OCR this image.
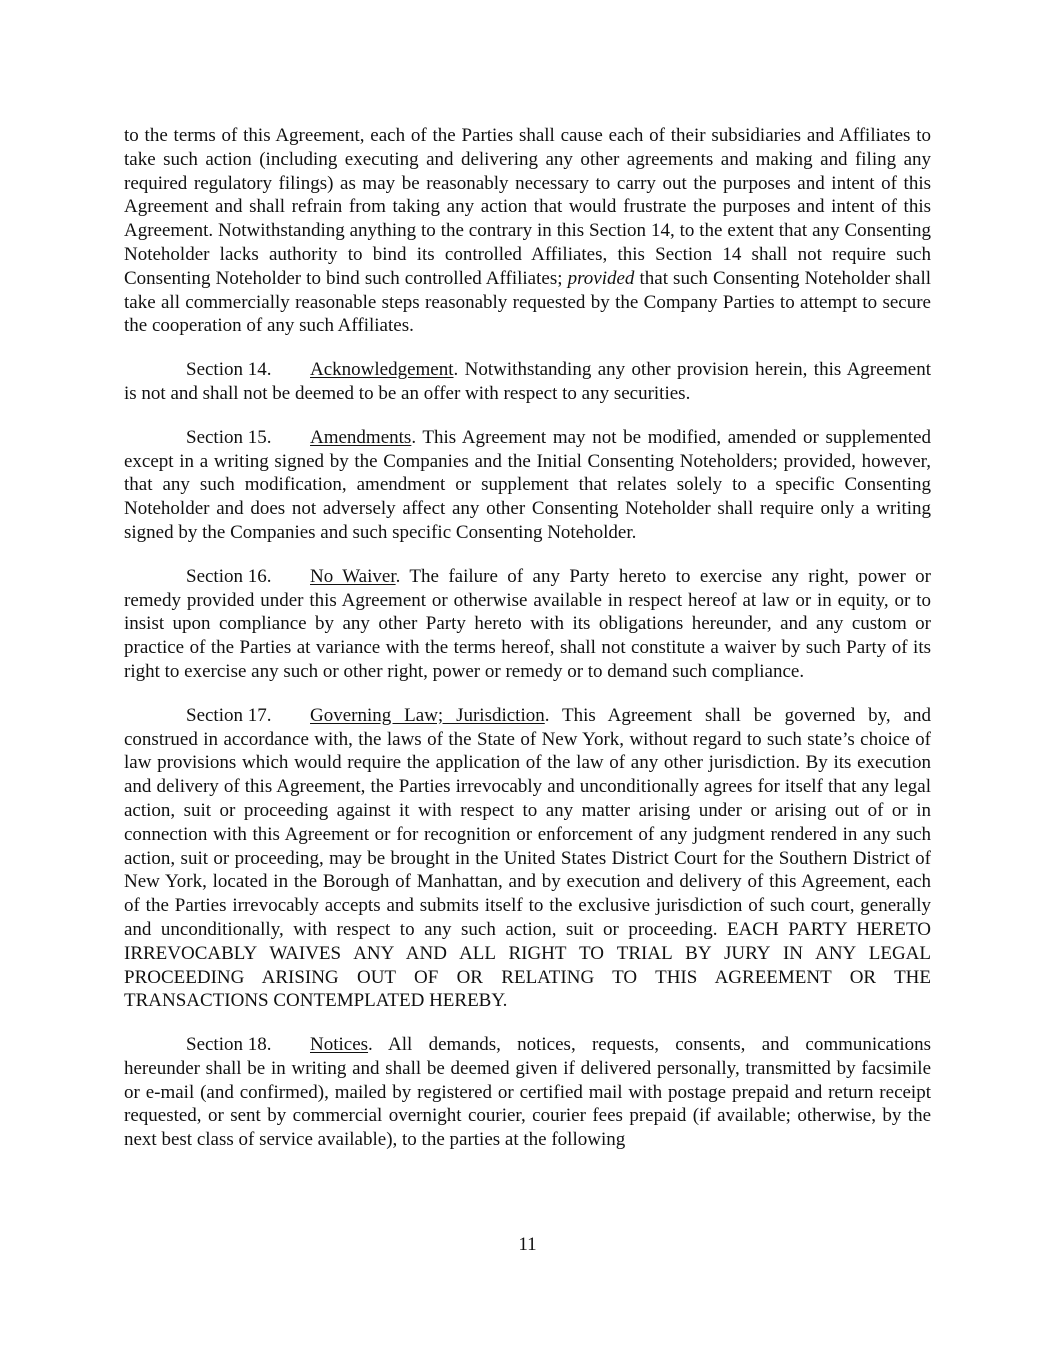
to the terms of this Agreement, each of the Parties shall cause each of their subsidiaries and Affiliates to take such action (including executing and delivering any other agreements and making and filing any required regulatory filings) as may be reasonably necessary to carry out the purposes and intent of this Agreement and shall refrain from taking any action that would frustrate the purposes and intent of this Agreement. Notwithstanding anything to the contrary in this Section 14, to the extent that any Consenting Noteholder lacks authority to bind its controlled Affiliates, this Section 14 shall not require such Consenting Noteholder to bind such controlled Affiliates; provided that such Consenting Noteholder shall take all commercially reasonable steps reasonably requested by the Company Parties to attempt to secure the cooperation of any such Affiliates.

Section 14. Acknowledgement. Notwithstanding any other provision herein, this Agreement is not and shall not be deemed to be an offer with respect to any securities.

Section 15. Amendments. This Agreement may not be modified, amended or supplemented except in a writing signed by the Companies and the Initial Consenting Noteholders; provided, however, that any such modification, amendment or supplement that relates solely to a specific Consenting Noteholder and does not adversely affect any other Consenting Noteholder shall require only a writing signed by the Companies and such specific Consenting Noteholder.

Section 16. No Waiver. The failure of any Party hereto to exercise any right, power or remedy provided under this Agreement or otherwise available in respect hereof at law or in equity, or to insist upon compliance by any other Party hereto with its obligations hereunder, and any custom or practice of the Parties at variance with the terms hereof, shall not constitute a waiver by such Party of its right to exercise any such or other right, power or remedy or to demand such compliance.

Section 17. Governing Law; Jurisdiction. This Agreement shall be governed by, and construed in accordance with, the laws of the State of New York, without regard to such state’s choice of law provisions which would require the application of the law of any other jurisdiction. By its execution and delivery of this Agreement, the Parties irrevocably and unconditionally agrees for itself that any legal action, suit or proceeding against it with respect to any matter arising under or arising out of or in connection with this Agreement or for recognition or enforcement of any judgment rendered in any such action, suit or proceeding, may be brought in the United States District Court for the Southern District of New York, located in the Borough of Manhattan, and by execution and delivery of this Agreement, each of the Parties irrevocably accepts and submits itself to the exclusive jurisdiction of such court, generally and unconditionally, with respect to any such action, suit or proceeding. EACH PARTY HERETO IRREVOCABLY WAIVES ANY AND ALL RIGHT TO TRIAL BY JURY IN ANY LEGAL PROCEEDING ARISING OUT OF OR RELATING TO THIS AGREEMENT OR THE TRANSACTIONS CONTEMPLATED HEREBY.

Section 18. Notices. All demands, notices, requests, consents, and communications hereunder shall be in writing and shall be deemed given if delivered personally, transmitted by facsimile or e-mail (and confirmed), mailed by registered or certified mail with postage prepaid and return receipt requested, or sent by commercial overnight courier, courier fees prepaid (if available; otherwise, by the next best class of service available), to the parties at the following

11
